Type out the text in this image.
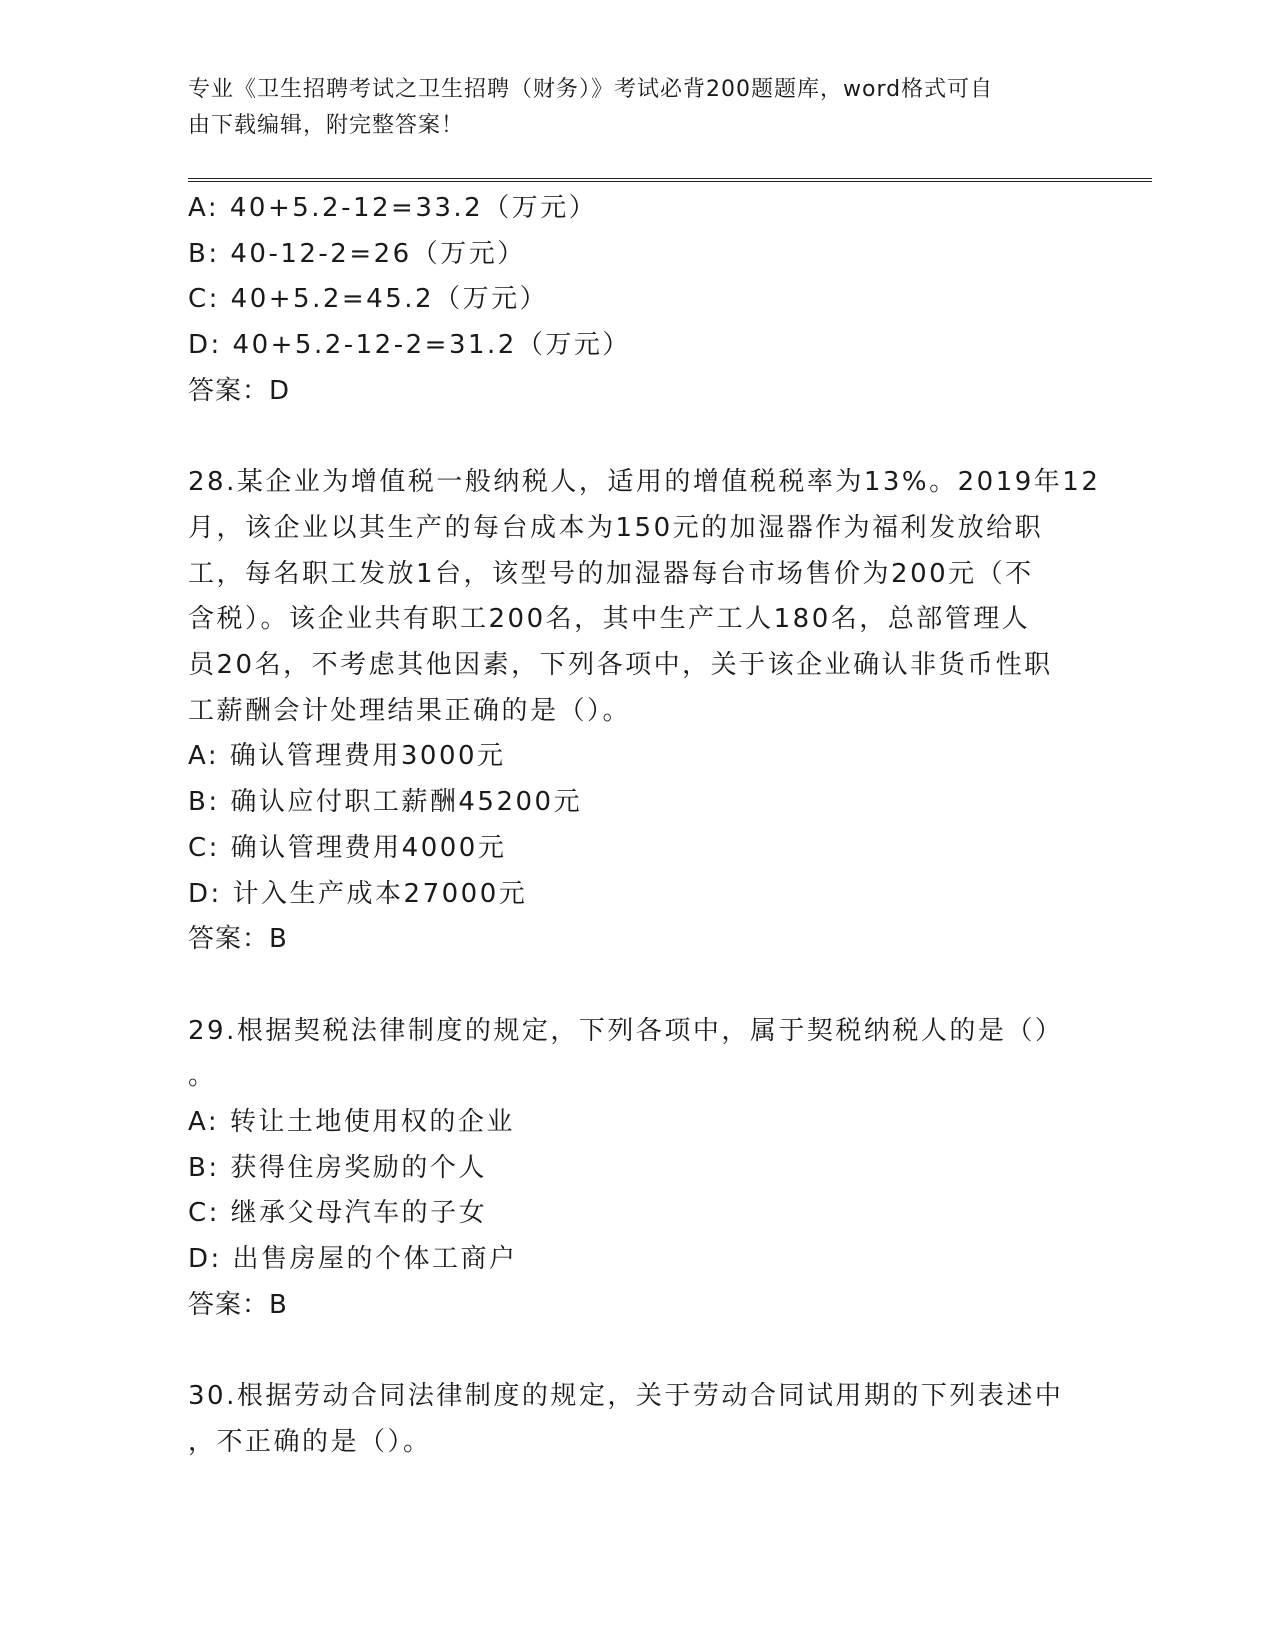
专业《卫生招聘考试之卫生招聘（财务）》考试必背200题题库，word格式可自
由下载编辑，附完整答案！
A: 40+5.2-12=33.2（万元）
B: 40-12-2=26（万元）
C: 40+5.2=45.2（万元）
D: 40+5.2-12-2=31.2（万元）
答案：D
28.某企业为增值税一般纳税人，适用的增值税税率为13%。2019年12
月，该企业以其生产的每台成本为150元的加湿器作为福利发放给职
工，每名职工发放1台，该型号的加湿器每台市场售价为200元（不
含税）。该企业共有职工200名，其中生产工人180名，总部管理人
员20名，不考虑其他因素，下列各项中，关于该企业确认非货币性职
工薪酬会计处理结果正确的是（）。
A: 确认管理费用3000元
B: 确认应付职工薪酬45200元
C: 确认管理费用4000元
D: 计入生产成本27000元
答案：B
29.根据契税法律制度的规定，下列各项中，属于契税纳税人的是（）
。
A: 转让土地使用权的企业
B: 获得住房奖励的个人
C: 继承父母汽车的子女
D: 出售房屋的个体工商户
答案：B
30.根据劳动合同法律制度的规定，关于劳动合同试用期的下列表述中
，不正确的是（）。
